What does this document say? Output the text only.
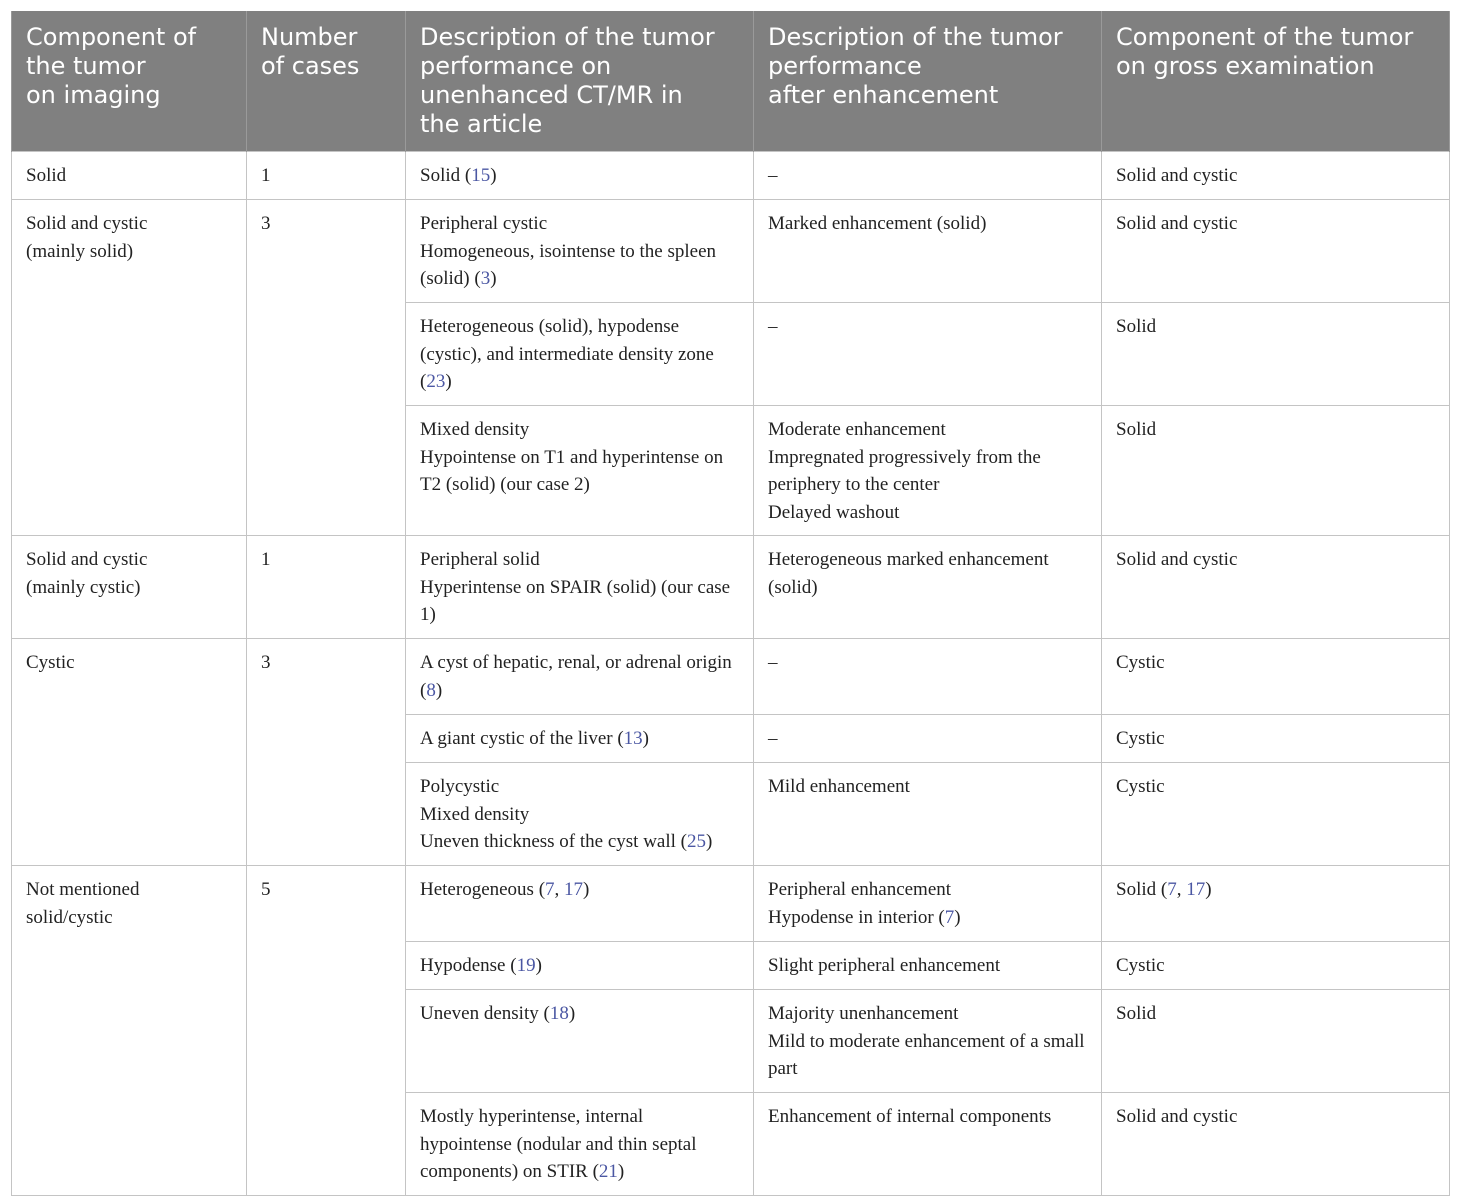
Component of
the tumor
on imaging	Number
of cases	Description of the tumor
performance on
unenhanced CT/MR in
the article	Description of the tumor
performance
after enhancement	Component of the tumor
on gross examination
Solid	1	Solid (15)	–	Solid and cystic

Solid and cystic
(mainly solid)	3	Peripheral cystic
Homogeneous, isointense to the spleen (solid) (3)	Marked enhancement (solid)	Solid and cystic

		Heterogeneous (solid), hypodense (cystic), and intermediate density zone (23)	–	Solid

		Mixed density
Hypointense on T1 and hyperintense on T2 (solid) (our case 2)	Moderate enhancement
Impregnated progressively from the periphery to the center
Delayed washout	Solid

Solid and cystic
(mainly cystic)	1	Peripheral solid
Hyperintense on SPAIR (solid) (our case 1)	Heterogeneous marked enhancement (solid)	Solid and cystic

Cystic	3	A cyst of hepatic, renal, or adrenal origin (8)	–	Cystic

		A giant cystic of the liver (13)	–	Cystic

		Polycystic
Mixed density
Uneven thickness of the cyst wall (25)	Mild enhancement	Cystic

Not mentioned
solid/cystic	5	Heterogeneous (7, 17)	Peripheral enhancement
Hypodense in interior (7)	Solid (7, 17)

		Hypodense (19)	Slight peripheral enhancement	Cystic

		Uneven density (18)	Majority unenhancement
Mild to moderate enhancement of a small part	Solid

		Mostly hyperintense, internal hypointense (nodular and thin septal components) on STIR (21)	Enhancement of internal components	Solid and cystic
